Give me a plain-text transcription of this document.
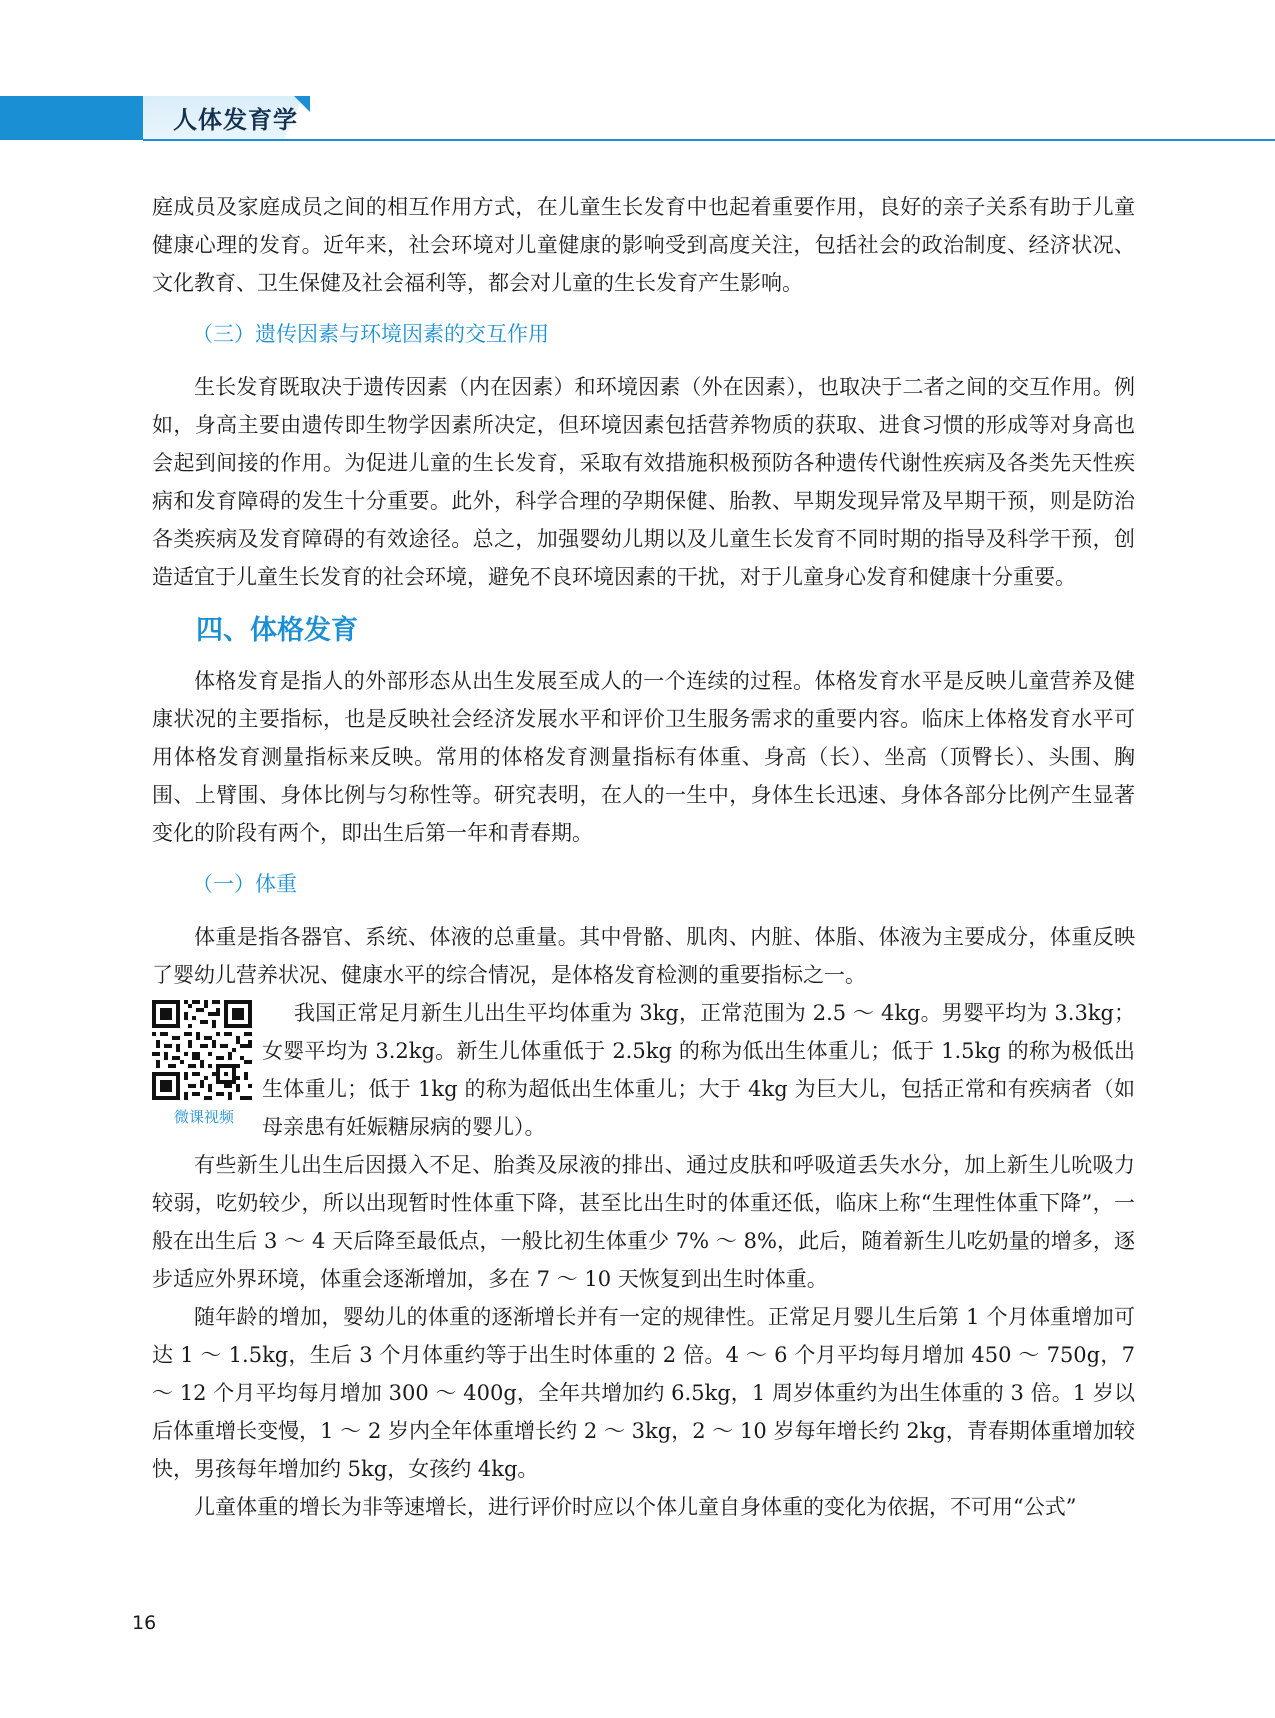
人体发育学

庭成员及家庭成员之间的相互作用方式，在儿童生长发育中也起着重要作用，良好的亲子关系有助于儿童健康心理的发育。近年来，社会环境对儿童健康的影响受到高度关注，包括社会的政治制度、经济状况、文化教育、卫生保健及社会福利等，都会对儿童的生长发育产生影响。

（三）遗传因素与环境因素的交互作用

生长发育既取决于遗传因素（内在因素）和环境因素（外在因素），也取决于二者之间的交互作用。例如，身高主要由遗传即生物学因素所决定，但环境因素包括营养物质的获取、进食习惯的形成等对身高也会起到间接的作用。为促进儿童的生长发育，采取有效措施积极预防各种遗传代谢性疾病及各类先天性疾病和发育障碍的发生十分重要。此外，科学合理的孕期保健、胎教、早期发现异常及早期干预，则是防治各类疾病及发育障碍的有效途径。总之，加强婴幼儿期以及儿童生长发育不同时期的指导及科学干预，创造适宜于儿童生长发育的社会环境，避免不良环境因素的干扰，对于儿童身心发育和健康十分重要。

四、体格发育

体格发育是指人的外部形态从出生发展至成人的一个连续的过程。体格发育水平是反映儿童营养及健康状况的主要指标，也是反映社会经济发展水平和评价卫生服务需求的重要内容。临床上体格发育水平可用体格发育测量指标来反映。常用的体格发育测量指标有体重、身高（长）、坐高（顶臀长）、头围、胸围、上臂围、身体比例与匀称性等。研究表明，在人的一生中，身体生长迅速、身体各部分比例产生显著变化的阶段有两个，即出生后第一年和青春期。

（一）体重

体重是指各器官、系统、体液的总重量。其中骨骼、肌肉、内脏、体脂、体液为主要成分，体重反映了婴幼儿营养状况、健康水平的综合情况，是体格发育检测的重要指标之一。

微课视频

我国正常足月新生儿出生平均体重为 3kg，正常范围为 2.5 ～ 4kg。男婴平均为 3.3kg；女婴平均为 3.2kg。新生儿体重低于 2.5kg 的称为低出生体重儿；低于 1.5kg 的称为极低出生体重儿；低于 1kg 的称为超低出生体重儿；大于 4kg 为巨大儿，包括正常和有疾病者（如母亲患有妊娠糖尿病的婴儿）。

有些新生儿出生后因摄入不足、胎粪及尿液的排出、通过皮肤和呼吸道丢失水分，加上新生儿吮吸力较弱，吃奶较少，所以出现暂时性体重下降，甚至比出生时的体重还低，临床上称“生理性体重下降”，一般在出生后 3 ～ 4 天后降至最低点，一般比初生体重少 7% ～ 8%，此后，随着新生儿吃奶量的增多，逐步适应外界环境，体重会逐渐增加，多在 7 ～ 10 天恢复到出生时体重。

随年龄的增加，婴幼儿的体重的逐渐增长并有一定的规律性。正常足月婴儿生后第 1 个月体重增加可达 1 ～ 1.5kg，生后 3 个月体重约等于出生时体重的 2 倍。4 ～ 6 个月平均每月增加 450 ～ 750g，7 ～ 12 个月平均每月增加 300 ～ 400g，全年共增加约 6.5kg，1 周岁体重约为出生体重的 3 倍。1 岁以后体重增长变慢，1 ～ 2 岁内全年体重增长约 2 ～ 3kg，2 ～ 10 岁每年增长约 2kg，青春期体重增加较快，男孩每年增加约 5kg，女孩约 4kg。

儿童体重的增长为非等速增长，进行评价时应以个体儿童自身体重的变化为依据，不可用“公式”

16
